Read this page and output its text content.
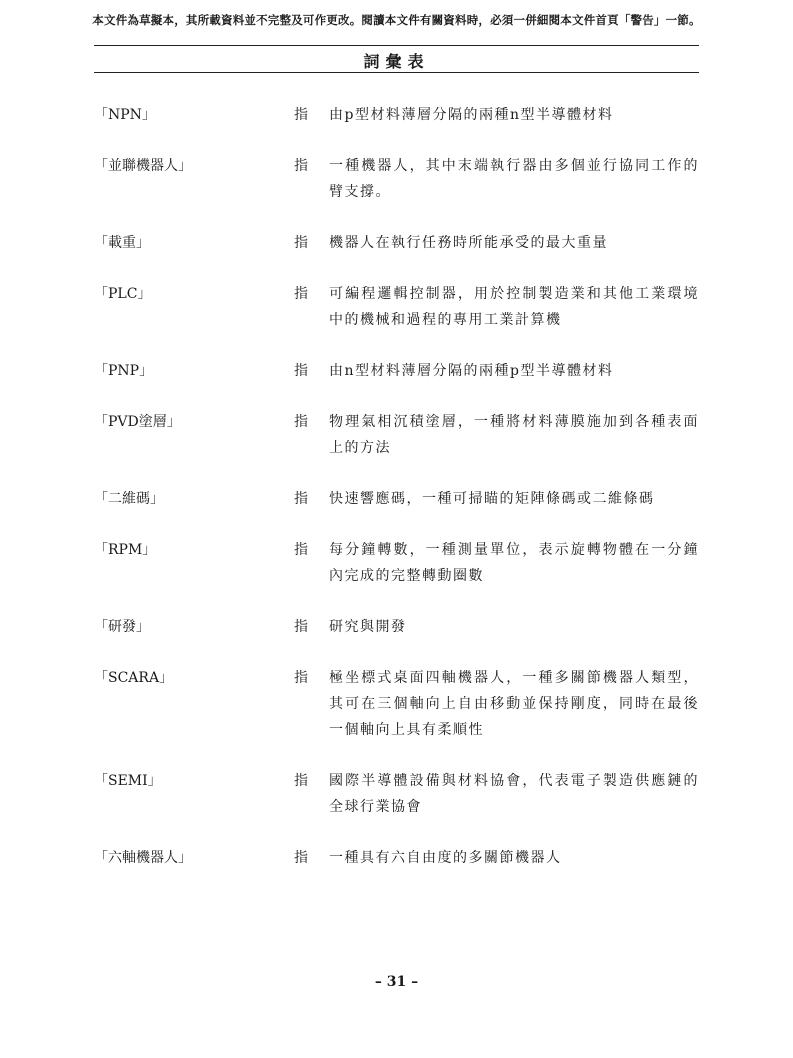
本文件為草擬本，其所載資料並不完整及可作更改。閱讀本文件有關資料時，必須一併細閱本文件首頁「警告」一節。
詞彙表
「NPN」	指	由p型材料薄層分隔的兩種n型半導體材料
「並聯機器人」	指	一種機器人，其中末端執行器由多個並行協同工作的臂支撐。
「載重」	指	機器人在執行任務時所能承受的最大重量
「PLC」	指	可編程邏輯控制器，用於控制製造業和其他工業環境中的機械和過程的專用工業計算機
「PNP」	指	由n型材料薄層分隔的兩種p型半導體材料
「PVD塗層」	指	物理氣相沉積塗層，一種將材料薄膜施加到各種表面上的方法
「二維碼」	指	快速響應碼，一種可掃瞄的矩陣條碼或二維條碼
「RPM」	指	每分鐘轉數，一種測量單位，表示旋轉物體在一分鐘內完成的完整轉動圈數
「研發」	指	研究與開發
「SCARA」	指	極坐標式桌面四軸機器人，一種多關節機器人類型，其可在三個軸向上自由移動並保持剛度，同時在最後一個軸向上具有柔順性
「SEMI」	指	國際半導體設備與材料協會，代表電子製造供應鏈的全球行業協會
「六軸機器人」	指	一種具有六自由度的多關節機器人
– 31 –
